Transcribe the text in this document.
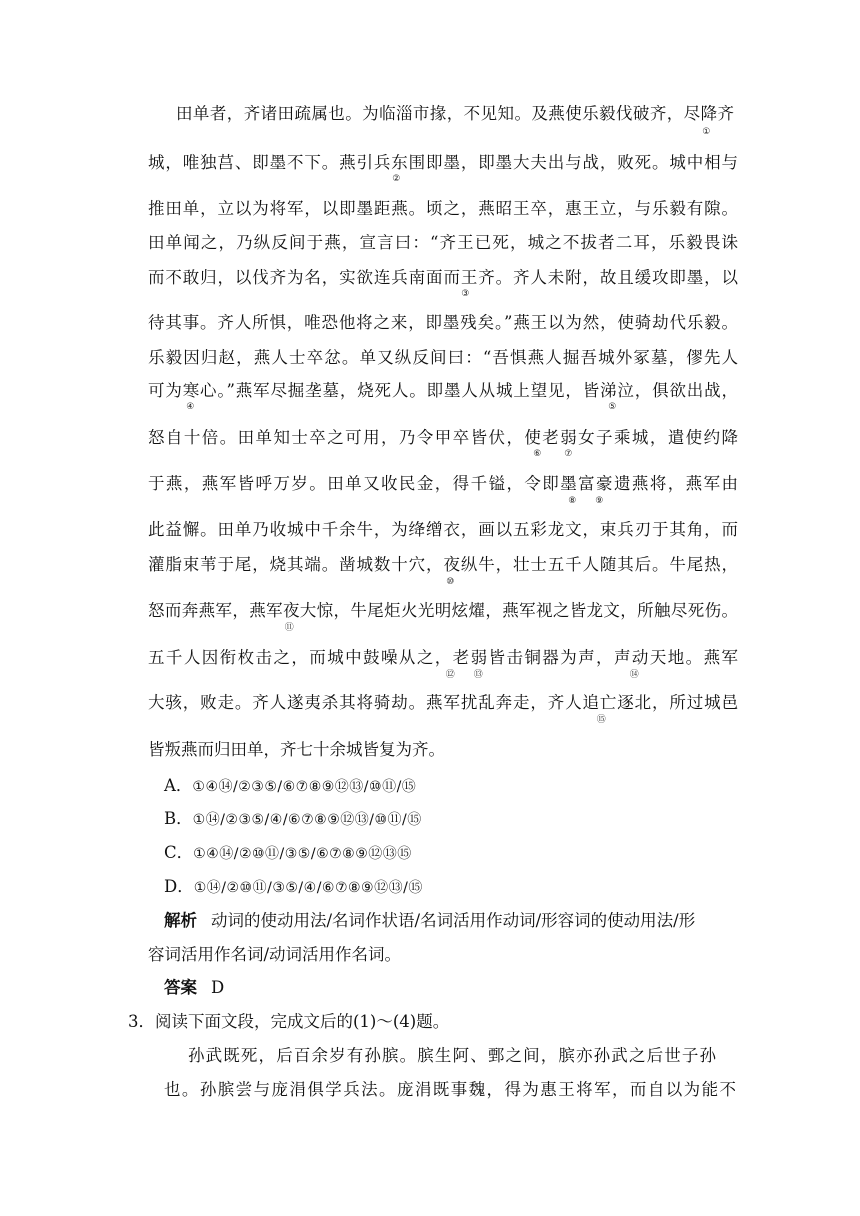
田单者，齐诸田疏属也。为临淄市掾，不见知。及燕使乐毅伐破齐，尽降齐
①
城，唯独莒、即墨不下。燕引兵东围即墨，即墨大夫出与战，败死。城中相与
②
推田单，立以为将军，以即墨距燕。顷之，燕昭王卒，惠王立，与乐毅有隙。
田单闻之，乃纵反间于燕，宣言曰：“齐王已死，城之不拔者二耳，乐毅畏诛
而不敢归，以伐齐为名，实欲连兵南面而王齐。齐人未附，故且缓攻即墨，以
③
待其事。齐人所惧，唯恐他将之来，即墨残矣。”燕王以为然，使骑劫代乐毅。
乐毅因归赵，燕人士卒忿。单又纵反间曰：“吾惧燕人掘吾城外冢墓，僇先人
可为寒心。”燕军尽掘垄墓，烧死人。即墨人从城上望见，皆涕泣，俱欲出战，
④	⑤
怒自十倍。田单知士卒之可用，乃令甲卒皆伏，使老弱女子乘城，遣使约降
⑥	⑦
于燕，燕军皆呼万岁。田单又收民金，得千镒，令即墨富豪遗燕将，燕军由
⑧ ⑨
此益懈。田单乃收城中千余牛，为绛缯衣，画以五彩龙文，束兵刃于其角，而
灌脂束苇于尾，烧其端。凿城数十穴，夜纵牛，壮士五千人随其后。牛尾热，
⑩
怒而奔燕军，燕军夜大惊，牛尾炬火光明炫燿，燕军视之皆龙文，所触尽死伤。
⑪
五千人因衔枚击之，而城中鼓噪从之，老弱皆击铜器为声，声动天地。燕军
⑫ ⑬	⑭
大骇，败走。齐人遂夷杀其将骑劫。燕军扰乱奔走，齐人追亡逐北，所过城邑
⑮
皆叛燕而归田单，齐七十余城皆复为齐。
A．①④⑭/②③⑤/⑥⑦⑧⑨⑫⑬/⑩⑪/⑮
B．①⑭/②③⑤/④/⑥⑦⑧⑨⑫⑬/⑩⑪/⑮
C．①④⑭/②⑩⑪/③⑤/⑥⑦⑧⑨⑫⑬⑮
D．①⑭/②⑩⑪/③⑤/④/⑥⑦⑧⑨⑫⑬/⑮
解析 动词的使动用法/名词作状语/名词活用作动词/形容词的使动用法/形
容词活用作名词/动词活用作名词。
答案 D
3．阅读下面文段，完成文后的(1)～(4)题。
孙武既死，后百余岁有孙膑。膑生阿、鄄之间，膑亦孙武之后世子孙
也。孙膑尝与庞涓俱学兵法。庞涓既事魏，得为惠王将军，而自以为能不
